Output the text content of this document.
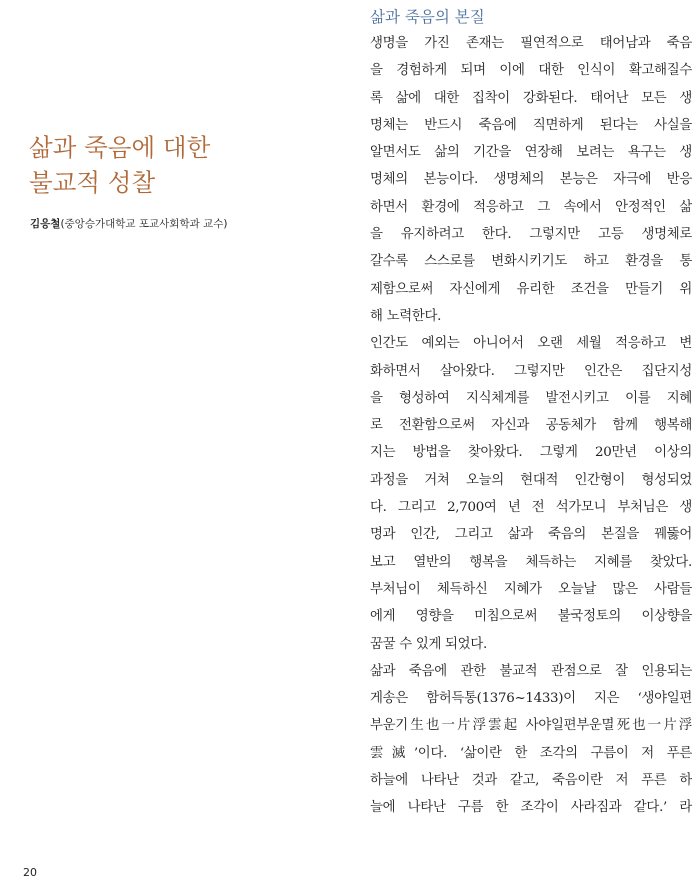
삶과 죽음에 대한
불교적 성찰
김응철(중앙승가대학교 포교사회학과 교수)
삶과 죽음의 본질
생명을 가진 존재는 필연적으로 태어남과 죽음
을 경험하게 되며 이에 대한 인식이 확고해질수
록 삶에 대한 집착이 강화된다. 태어난 모든 생
명체는 반드시 죽음에 직면하게 된다는 사실을
알면서도 삶의 기간을 연장해 보려는 욕구는 생
명체의 본능이다. 생명체의 본능은 자극에 반응
하면서 환경에 적응하고 그 속에서 안정적인 삶
을 유지하려고 한다. 그렇지만 고등 생명체로
갈수록 스스로를 변화시키기도 하고 환경을 통
제함으로써 자신에게 유리한 조건을 만들기 위
해 노력한다.
인간도 예외는 아니어서 오랜 세월 적응하고 변
화하면서 살아왔다. 그렇지만 인간은 집단지성
을 형성하여 지식체계를 발전시키고 이를 지혜
로 전환함으로써 자신과 공동체가 함께 행복해
지는 방법을 찾아왔다. 그렇게 20만년 이상의
과정을 거쳐 오늘의 현대적 인간형이 형성되었
다. 그리고 2,700여 년 전 석가모니 부처님은 생
명과 인간, 그리고 삶과 죽음의 본질을 꿰뚫어
보고 열반의 행복을 체득하는 지혜를 찾았다.
부처님이 체득하신 지혜가 오늘날 많은 사람들
에게 영향을 미침으로써 불국정토의 이상향을
꿈꿀 수 있게 되었다.
삶과 죽음에 관한 불교적 관점으로 잘 인용되는
게송은 함허득통(1376~1433)이 지은 ‘생야일편
부운기生也一片浮雲起 사야일편부운멸死也一片浮
雲滅’이다. ‘삶이란 한 조각의 구름이 저 푸른
하늘에 나타난 것과 같고, 죽음이란 저 푸른 하
늘에 나타난 구름 한 조각이 사라짐과 같다.’ 라
20
